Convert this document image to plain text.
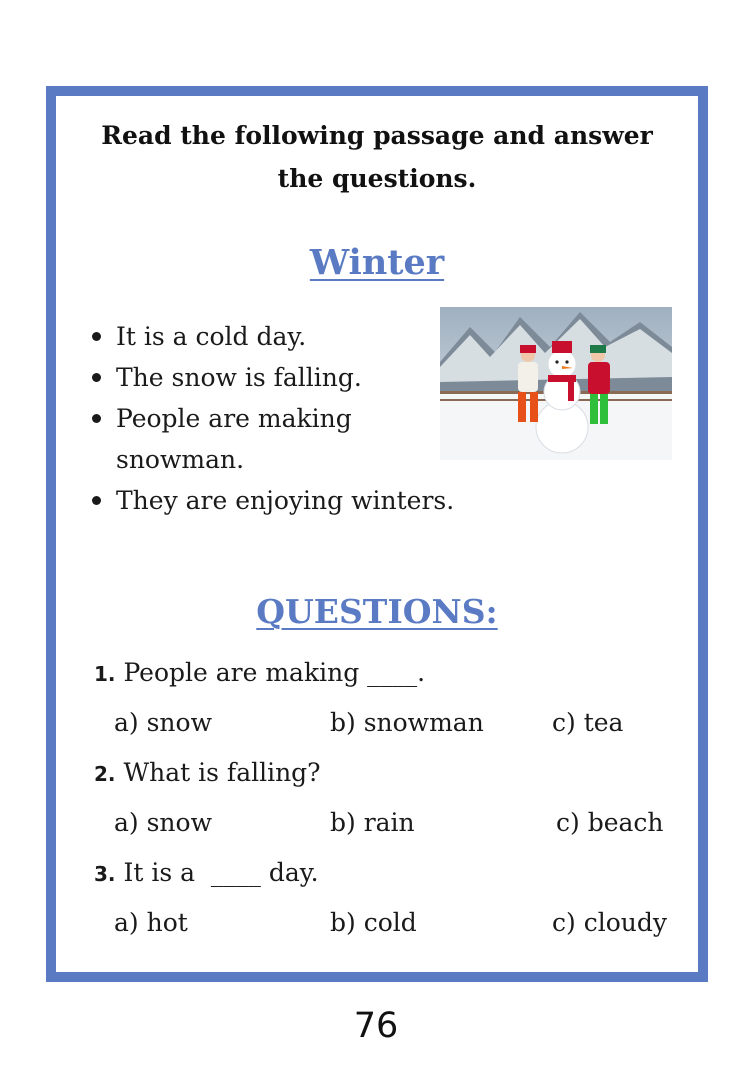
Read the following passage and answer the questions.
Winter
It is a cold day.
The snow is falling.
People are making snowman.
They are enjoying winters.
QUESTIONS:
1. People are making ____.
a) snow	b) snowman	c) tea
2. What is falling?
a) snow	b) rain	c) beach
3. It is a  ____ day.
a) hot	b) cold	c) cloudy
76
